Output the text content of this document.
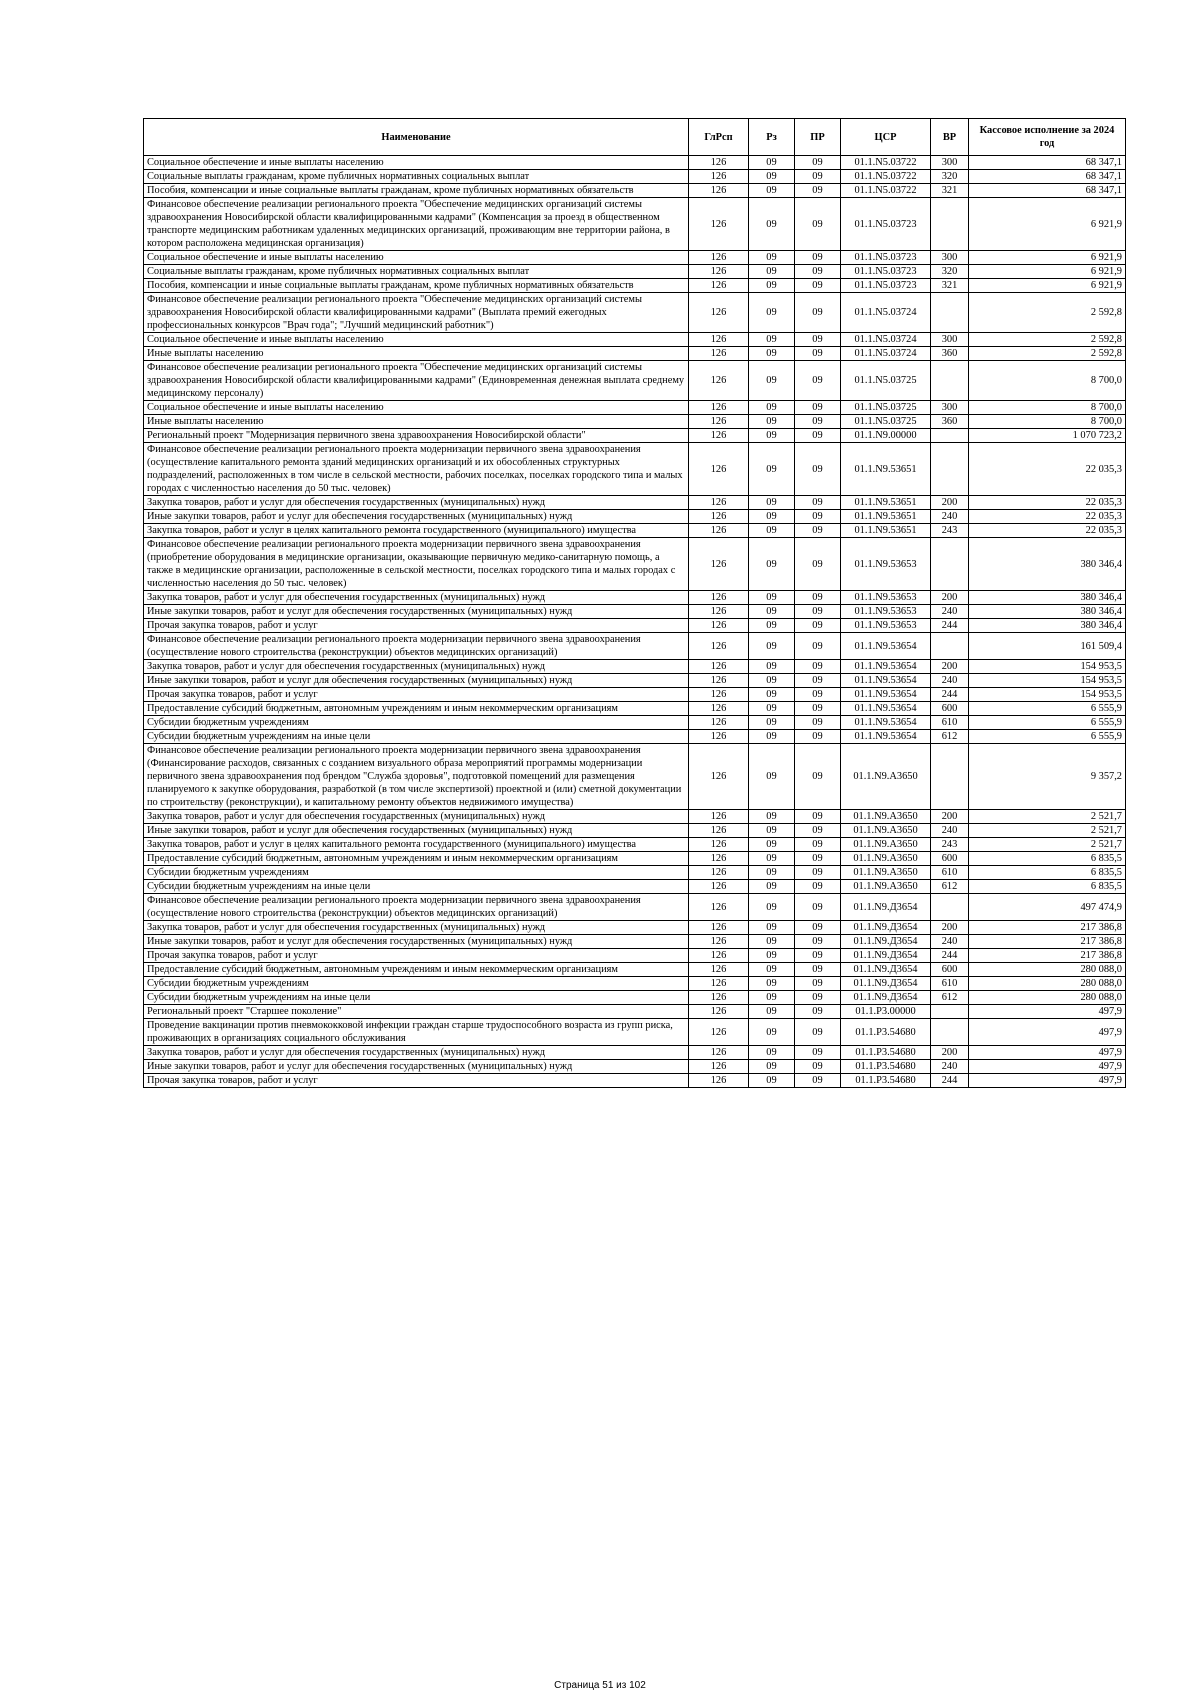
Наименование	ГлРсп	Рз	ПР	ЦСР	ВР	Кассовое исполнение за 2024 год
Социальное обеспечение и иные выплаты населению	126	09	09	01.1.N5.03722	300	68 347,1
Социальные выплаты гражданам, кроме публичных нормативных социальных выплат	126	09	09	01.1.N5.03722	320	68 347,1
Пособия, компенсации и иные социальные выплаты гражданам, кроме публичных нормативных обязательств	126	09	09	01.1.N5.03722	321	68 347,1
Финансовое обеспечение реализации регионального проекта "Обеспечение медицинских организаций системы здравоохранения Новосибирской области квалифицированными кадрами" (Компенсация за проезд в общественном транспорте медицинским работникам удаленных медицинских организаций, проживающим вне территории района, в котором расположена медицинская организация)	126	09	09	01.1.N5.03723		6 921,9
Социальное обеспечение и иные выплаты населению	126	09	09	01.1.N5.03723	300	6 921,9
Социальные выплаты гражданам, кроме публичных нормативных социальных выплат	126	09	09	01.1.N5.03723	320	6 921,9
Пособия, компенсации и иные социальные выплаты гражданам, кроме публичных нормативных обязательств	126	09	09	01.1.N5.03723	321	6 921,9
Финансовое обеспечение реализации регионального проекта "Обеспечение медицинских организаций системы здравоохранения Новосибирской области квалифицированными кадрами" (Выплата премий ежегодных профессиональных конкурсов "Врач года"; "Лучший медицинский работник")	126	09	09	01.1.N5.03724		2 592,8
Социальное обеспечение и иные выплаты населению	126	09	09	01.1.N5.03724	300	2 592,8
Иные выплаты населению	126	09	09	01.1.N5.03724	360	2 592,8
Финансовое обеспечение реализации регионального проекта "Обеспечение медицинских организаций системы здравоохранения Новосибирской области квалифицированными кадрами" (Единовременная денежная выплата среднему медицинскому персоналу)	126	09	09	01.1.N5.03725		8 700,0
Социальное обеспечение и иные выплаты населению	126	09	09	01.1.N5.03725	300	8 700,0
Иные выплаты населению	126	09	09	01.1.N5.03725	360	8 700,0
Региональный проект "Модернизация первичного звена здравоохранения Новосибирской области"	126	09	09	01.1.N9.00000		1 070 723,2
Финансовое обеспечение реализации регионального проекта модернизации первичного звена здравоохранения (осуществление капитального ремонта зданий медицинских организаций и их обособленных структурных подразделений, расположенных в том числе в сельской местности, рабочих поселках, поселках городского типа и малых городах с численностью населения до 50 тыс. человек)	126	09	09	01.1.N9.53651		22 035,3
Закупка товаров, работ и услуг для обеспечения государственных (муниципальных) нужд	126	09	09	01.1.N9.53651	200	22 035,3
Иные закупки товаров, работ и услуг для обеспечения государственных (муниципальных) нужд	126	09	09	01.1.N9.53651	240	22 035,3
Закупка товаров, работ и услуг в целях капитального ремонта государственного (муниципального) имущества	126	09	09	01.1.N9.53651	243	22 035,3
Финансовое обеспечение реализации регионального проекта модернизации первичного звена здравоохранения (приобретение оборудования в медицинские организации, оказывающие первичную медико-санитарную помощь, а также в медицинские организации, расположенные в сельской местности, поселках городского типа и малых городах с численностью населения до 50 тыс. человек)	126	09	09	01.1.N9.53653		380 346,4
Закупка товаров, работ и услуг для обеспечения государственных (муниципальных) нужд	126	09	09	01.1.N9.53653	200	380 346,4
Иные закупки товаров, работ и услуг для обеспечения государственных (муниципальных) нужд	126	09	09	01.1.N9.53653	240	380 346,4
Прочая закупка товаров, работ и услуг	126	09	09	01.1.N9.53653	244	380 346,4
Финансовое обеспечение реализации регионального проекта модернизации первичного звена здравоохранения (осуществление нового строительства (реконструкции) объектов медицинских организаций)	126	09	09	01.1.N9.53654		161 509,4
Закупка товаров, работ и услуг для обеспечения государственных (муниципальных) нужд	126	09	09	01.1.N9.53654	200	154 953,5
Иные закупки товаров, работ и услуг для обеспечения государственных (муниципальных) нужд	126	09	09	01.1.N9.53654	240	154 953,5
Прочая закупка товаров, работ и услуг	126	09	09	01.1.N9.53654	244	154 953,5
Предоставление субсидий бюджетным, автономным учреждениям и иным некоммерческим организациям	126	09	09	01.1.N9.53654	600	6 555,9
Субсидии бюджетным учреждениям	126	09	09	01.1.N9.53654	610	6 555,9
Субсидии бюджетным учреждениям на иные цели	126	09	09	01.1.N9.53654	612	6 555,9
Финансовое обеспечение реализации регионального проекта модернизации первичного звена здравоохранения (Финансирование расходов, связанных с созданием визуального образа мероприятий программы модернизации первичного звена здравоохранения под брендом "Служба здоровья", подготовкой помещений для размещения планируемого к закупке оборудования, разработкой (в том числе экспертизой) проектной и (или) сметной документации по строительству (реконструкции), и капитальному ремонту объектов недвижимого имущества)	126	09	09	01.1.N9.A3650		9 357,2
Закупка товаров, работ и услуг для обеспечения государственных (муниципальных) нужд	126	09	09	01.1.N9.A3650	200	2 521,7
Иные закупки товаров, работ и услуг для обеспечения государственных (муниципальных) нужд	126	09	09	01.1.N9.A3650	240	2 521,7
Закупка товаров, работ и услуг в целях капитального ремонта государственного (муниципального) имущества	126	09	09	01.1.N9.A3650	243	2 521,7
Предоставление субсидий бюджетным, автономным учреждениям и иным некоммерческим организациям	126	09	09	01.1.N9.A3650	600	6 835,5
Субсидии бюджетным учреждениям	126	09	09	01.1.N9.A3650	610	6 835,5
Субсидии бюджетным учреждениям на иные цели	126	09	09	01.1.N9.A3650	612	6 835,5
Финансовое обеспечение реализации регионального проекта модернизации первичного звена здравоохранения (осуществление нового строительства (реконструкции) объектов медицинских организаций)	126	09	09	01.1.N9.Д3654		497 474,9
Закупка товаров, работ и услуг для обеспечения государственных (муниципальных) нужд	126	09	09	01.1.N9.Д3654	200	217 386,8
Иные закупки товаров, работ и услуг для обеспечения государственных (муниципальных) нужд	126	09	09	01.1.N9.Д3654	240	217 386,8
Прочая закупка товаров, работ и услуг	126	09	09	01.1.N9.Д3654	244	217 386,8
Предоставление субсидий бюджетным, автономным учреждениям и иным некоммерческим организациям	126	09	09	01.1.N9.Д3654	600	280 088,0
Субсидии бюджетным учреждениям	126	09	09	01.1.N9.Д3654	610	280 088,0
Субсидии бюджетным учреждениям на иные цели	126	09	09	01.1.N9.Д3654	612	280 088,0
Региональный проект "Старшее поколение"	126	09	09	01.1.P3.00000		497,9
Проведение вакцинации против пневмококковой инфекции граждан старше трудоспособного возраста из групп риска, проживающих в организациях социального обслуживания	126	09	09	01.1.P3.54680		497,9
Закупка товаров, работ и услуг для обеспечения государственных (муниципальных) нужд	126	09	09	01.1.P3.54680	200	497,9
Иные закупки товаров, работ и услуг для обеспечения государственных (муниципальных) нужд	126	09	09	01.1.P3.54680	240	497,9
Прочая закупка товаров, работ и услуг	126	09	09	01.1.P3.54680	244	497,9
Страница 51 из 102
